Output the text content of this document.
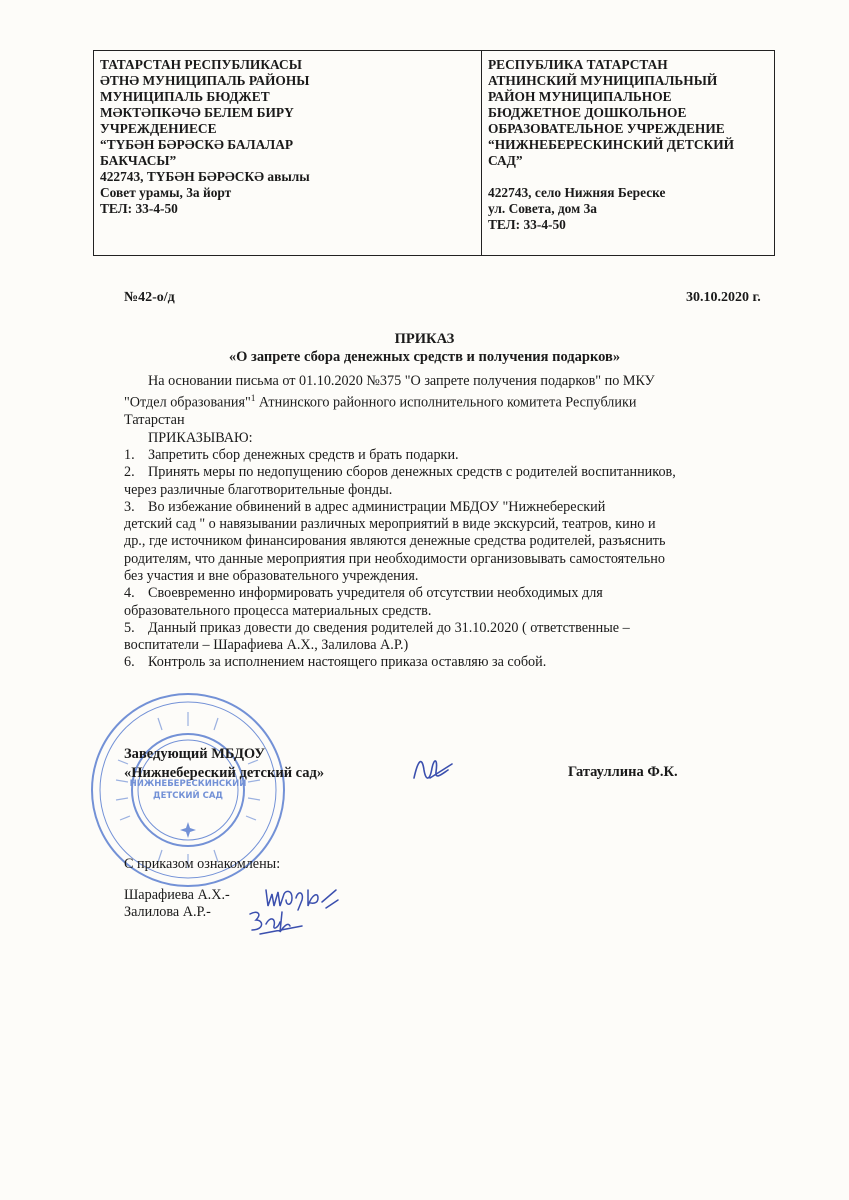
ТАТАРСТАН РЕСПУБЛИКАСЫ
ӘТНӘ МУНИЦИПАЛЬ РАЙОНЫ
МУНИЦИПАЛЬ БЮДЖЕТ
МӘКТӘПКӘЧӘ БЕЛЕМ БИРҮ
УЧРЕЖДЕНИЕСЕ
“ТҮБӘН БӘРӘСКӘ БАЛАЛАР
БАКЧАСЫ”
422743, ТҮБӘН БӘРӘСКӘ авылы
Совет урамы, 3а йорт
ТЕЛ: 33-4-50
РЕСПУБЛИКА ТАТАРСТАН
АТНИНСКИЙ МУНИЦИПАЛЬНЫЙ
РАЙОН МУНИЦИПАЛЬНОЕ
БЮДЖЕТНОЕ ДОШКОЛЬНОЕ
ОБРАЗОВАТЕЛЬНОЕ УЧРЕЖДЕНИЕ
“НИЖНЕБЕРЕСКИНСКИЙ ДЕТСКИЙ
САД”
422743, село Нижняя Береске
ул. Совета, дом 3а
ТЕЛ: 33-4-50
№42-о/д	30.10.2020 г.
ПРИКАЗ
«О запрете сбора денежных средств и получения подарков»
На основании письма от 01.10.2020 №375 "О запрете получения подарков" по МКУ
"Отдел образования"$^1$ Атнинского районного исполнительного комитета Республики
Татарстан
ПРИКАЗЫВАЮ:
1. Запретить сбор денежных средств и брать подарки.
2. Принять меры по недопущению сборов денежных средств с родителей воспитанников,
через различные благотворительные фонды.
3. Во избежание обвинений в адрес администрации МБДОУ "Нижнебереский
детский сад " о навязывании различных мероприятий в виде экскурсий, театров, кино и
др., где источником финансирования являются денежные средства родителей, разъяснить
родителям, что данные мероприятия при необходимости организовывать самостоятельно
без участия и вне образовательного учреждения.
4. Своевременно информировать учредителя об отсутствии необходимых для
образовательного процесса материальных средств.
5. Данный приказ довести до сведения родителей до 31.10.2020 ( ответственные –
воспитатели – Шарафиева А.Х., Залилова А.Р.)
6. Контроль за исполнением настоящего приказа оставляю за собой.
НИЖНЕБЕРЕСКИНСКИЙ
ДЕТСКИЙ САД
Заведующий МБДОУ
«Нижнебереский детский сад»	Гатауллина Ф.К.
С приказом ознакомлены:
Шарафиева А.Х.-
Залилова А.Р.-
